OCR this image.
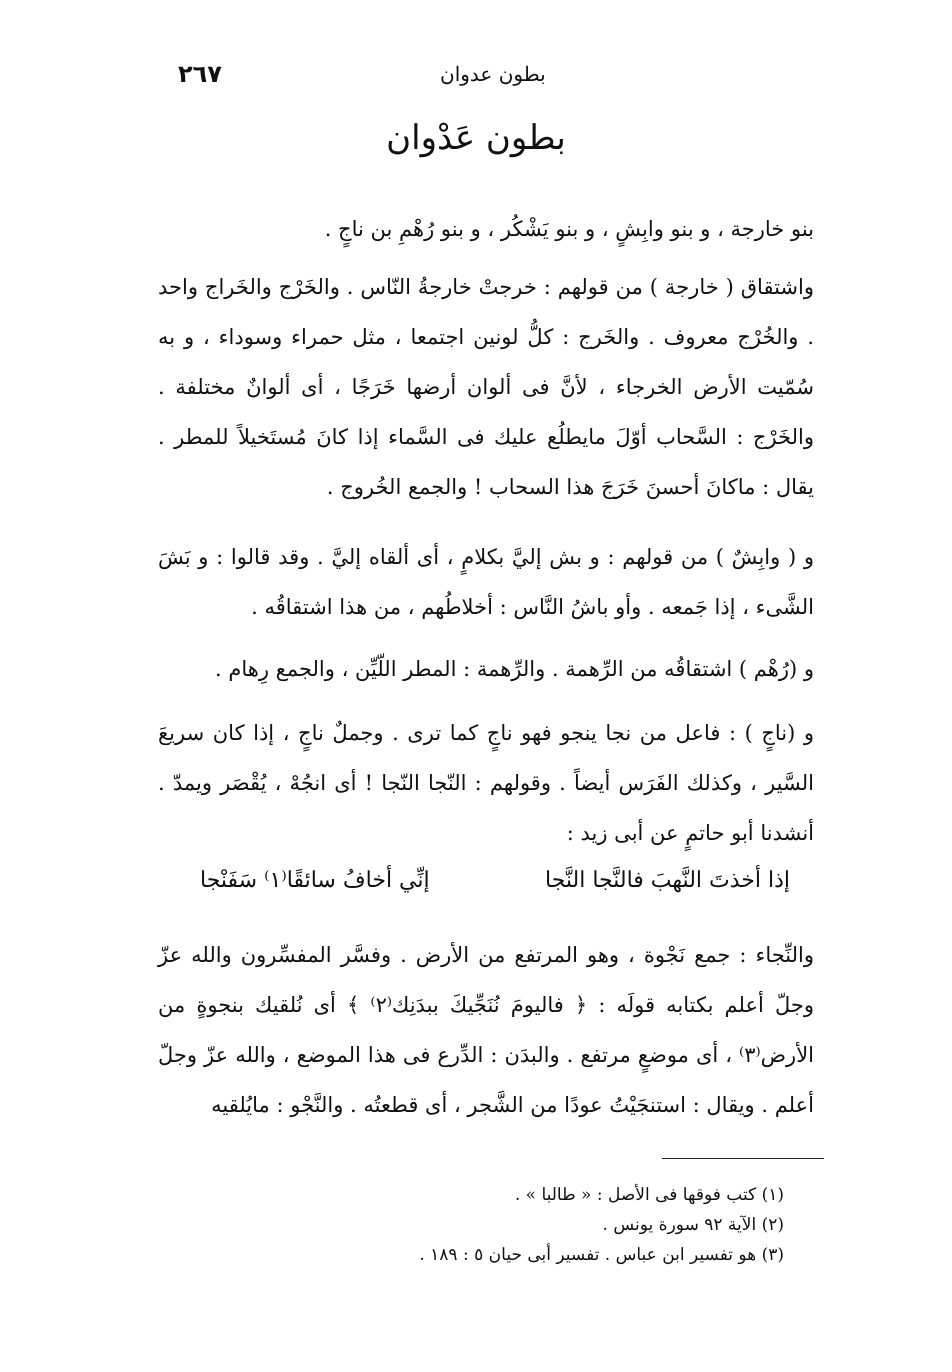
٢٦٧	بطون عدوان
بطون عَدْوان

بنو خارجة ، و بنو وابِشٍ ، و بنو يَشْكُر ، و بنو رُهْمِ بن ناجٍ .

واشتقاق ( خارجة ) من قولهم : خرجتْ خارجةُ النّاس . والخَرْج والخَراج واحد . والخُرْج معروف . والخَرج : كلُّ لونين اجتمعا ، مثل حمراء وسوداء ، و به سُمّيت الأرض الخرجاء ، لأنَّ فى ألوان أرضها خَرَجًا ، أى ألوانٌ مختلفة . والخَرْج : السَّحاب أوّلَ مايطلُع عليك فى السَّماء إذا كانَ مُستَخيلاً للمطر . يقال : ماكانَ أحسنَ خَرَجَ هذا السحاب ! والجمع الخُروج .

و ( وابِشٌ ) من قولهم : و بش إليَّ بكلامٍ ، أى ألقاه إليَّ . وقد قالوا : و بَشَ الشَّىء ، إذا جَمعه . وأو باشُ النَّاس : أخلاطُهم ، من هذا اشتقاقُه .

و (رُهْم ) اشتقاقُه من الرِّهمة . والرِّهمة : المطر اللّيِّن ، والجمع رِهام .

و (ناجٍ ) : فاعل من نجا ينجو فهو ناجٍ كما ترى . وجملٌ ناجٍ ، إذا كان سريعَ السَّير ، وكذلك الفَرَس أيضاً . وقولهم : النّجا النّجا ! أى انجُهْ ، يُقْصَر ويمدّ . أنشدنا أبو حاتمٍ عن أبى زيد :

إذا أخذتَ النَّهبَ فالنَّجا النَّجا
إنِّي أخافُ سائقًا⁽١⁾ سَفَنْجا

والنِّجاء : جمع نَجْوة ، وهو المرتفع من الأرض . وفسَّر المفسِّرون والله عزّ وجلّ أعلم بكتابه قولَه : ﴿ فاليومَ نُنَجِّيكَ ببدَنِك⁽٢⁾ ﴾ أى نُلقيك بنجوةٍ من الأرض⁽٣⁾ ، أى موضعٍ مرتفع . والبدَن : الدِّرع فى هذا الموضع ، والله عزّ وجلّ أعلم . ويقال : استنجَيْتُ عودًا من الشَّجر ، أى قطعتُه . والنَّجْو : مايُلقيه

(١) كتب فوقها فى الأصل : « طالبا » .
(٢) الآية ٩٢ سورة يونس .
(٣) هو تفسير ابن عباس . تفسير أبى حيان ٥ : ١٨٩ .
